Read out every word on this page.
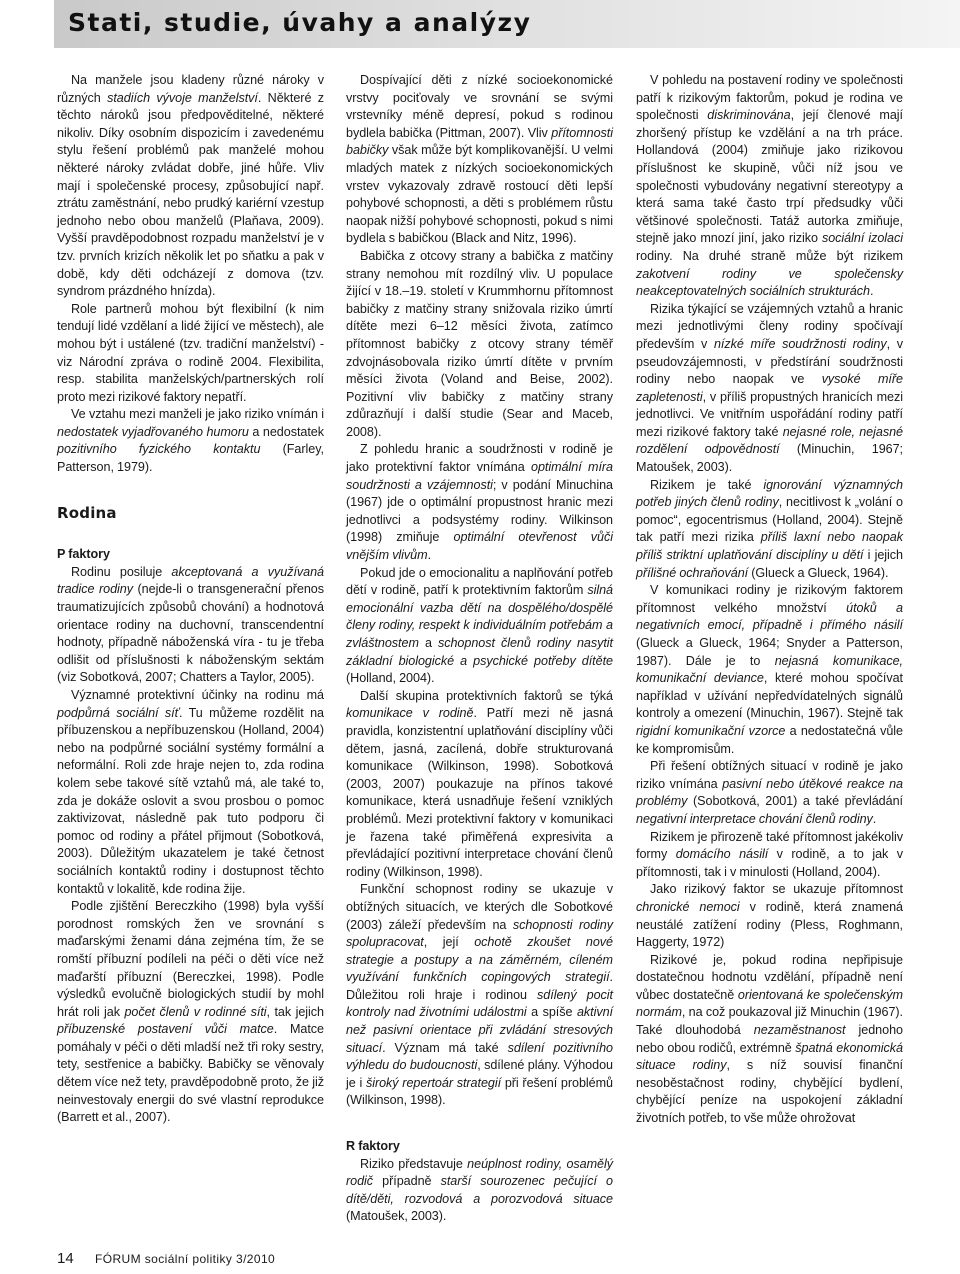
Stati, studie, úvahy a analýzy

Na manžele jsou kladeny různé nároky v různých stadiích vývoje manželství. Některé z těchto nároků jsou předpověditelné, některé nikoliv. Díky osobním dispozicím i zavedenému stylu řešení problémů pak manželé mohou některé nároky zvládat dobře, jiné hůře. Vliv mají i společenské procesy, způsobující např. ztrátu zaměstnání, nebo prudký kariérní vzestup jednoho nebo obou manželů (Plaňava, 2009). Vyšší pravděpodobnost rozpadu manželství je v tzv. prvních krizích několik let po sňatku a pak v době, kdy děti odcházejí z domova (tzv. syndrom prázdného hnízda).

Role partnerů mohou být flexibilní (k nim tendují lidé vzdělaní a lidé žijící ve městech), ale mohou být i ustálené (tzv. tradiční manželství) - viz Národní zpráva o rodině 2004. Flexibilita, resp. stabilita manželských/partnerských rolí proto mezi rizikové faktory nepatří.

Ve vztahu mezi manželi je jako riziko vnímán i nedostatek vyjadřovaného humoru a nedostatek pozitivního fyzického kontaktu (Farley, Patterson, 1979).

Rodina
P faktory

Rodinu posiluje akceptovaná a využívaná tradice rodiny (nejde-li o transgenerační přenos traumatizujících způsobů chování) a hodnotová orientace rodiny na duchovní, transcendentní hodnoty, případně náboženská víra - tu je třeba odlišit od příslušnosti k náboženským sektám (viz Sobotková, 2007; Chatters a Taylor, 2005).

Významné protektivní účinky na rodinu má podpůrná sociální síť. Tu můžeme rozdělit na příbuzenskou a nepříbuzenskou (Holland, 2004) nebo na podpůrné sociální systémy formální a neformální. Roli zde hraje nejen to, zda rodina kolem sebe takové sítě vztahů má, ale také to, zda je dokáže oslovit a svou prosbou o pomoc zaktivizovat, následně pak tuto podporu či pomoc od rodiny a přátel přijmout (Sobotková, 2003). Důležitým ukazatelem je také četnost sociálních kontaktů rodiny i dostupnost těchto kontaktů v lokalitě, kde rodina žije.

Podle zjištění Bereczkiho (1998) byla vyšší porodnost romských žen ve srovnání s maďarskými ženami dána zejména tím, že se romští příbuzní podíleli na péči o děti více než maďarští příbuzní (Bereczkei, 1998). Podle výsledků evolučně biologických studií by mohl hrát roli jak počet členů v rodinné síti, tak jejich příbuzenské postavení vůči matce. Matce pomáhaly v péči o děti mladší než tři roky sestry, tety, sestřenice a babičky. Babičky se věnovaly dětem více než tety, pravděpodobně proto, že již neinvestovaly energii do své vlastní reprodukce (Barrett et al., 2007).

Dospívající děti z nízké socioekonomické vrstvy pociťovaly ve srovnání se svými vrstevníky méně depresí, pokud s rodinou bydlela babička (Pittman, 2007). Vliv přítomnosti babičky však může být komplikovanější. U velmi mladých matek z nízkých socioekonomických vrstev vykazovaly zdravě rostoucí děti lepší pohybové schopnosti, a děti s problémem růstu naopak nižší pohybové schopnosti, pokud s nimi bydlela s babičkou (Black and Nitz, 1996).

Babička z otcovy strany a babička z matčiny strany nemohou mít rozdílný vliv. U populace žijící v 18.–19. století v Krummhornu přítomnost babičky z matčiny strany snižovala riziko úmrtí dítěte mezi 6–12 měsíci života, zatímco přítomnost babičky z otcovy strany téměř zdvojnásobovala riziko úmrtí dítěte v prvním měsíci života (Voland and Beise, 2002). Pozitivní vliv babičky z matčiny strany zdůrazňují i další studie (Sear and Maceb, 2008).

Z pohledu hranic a soudržnosti v rodině je jako protektivní faktor vnímána optimální míra soudržnosti a vzájemnosti; v podání Minuchina (1967) jde o optimální propustnost hranic mezi jednotlivci a podsystémy rodiny. Wilkinson (1998) zmiňuje optimální otevřenost vůči vnějším vlivům.

Pokud jde o emocionalitu a naplňování potřeb dětí v rodině, patří k protektivním faktorům silná emocionální vazba dětí na dospělého/dospělé členy rodiny, respekt k individuálním potřebám a zvláštnostem a schopnost členů rodiny nasytit základní biologické a psychické potřeby dítěte (Holland, 2004).

Další skupina protektivních faktorů se týká komunikace v rodině. Patří mezi ně jasná pravidla, konzistentní uplatňování disciplíny vůči dětem, jasná, zacílená, dobře strukturovaná komunikace (Wilkinson, 1998). Sobotková (2003, 2007) poukazuje na přínos takové komunikace, která usnadňuje řešení vzniklých problémů. Mezi protektivní faktory v komunikaci je řazena také přiměřená expresivita a převládající pozitivní interpretace chování členů rodiny (Wilkinson, 1998).

Funkční schopnost rodiny se ukazuje v obtížných situacích, ve kterých dle Sobotkové (2003) záleží především na schopnosti rodiny spolupracovat, její ochotě zkoušet nové strategie a postupy a na záměrném, cíleném využívání funkčních copingových strategií. Důležitou roli hraje i rodinou sdílený pocit kontroly nad životními událostmi a spíše aktivní než pasivní orientace při zvládání stresových situací. Význam má také sdílení pozitivního výhledu do budoucnosti, sdílené plány. Výhodou je i široký repertoár strategií při řešení problémů (Wilkinson, 1998).

R faktory

Riziko představuje neúplnost rodiny, osamělý rodič případně starší sourozenec pečující o dítě/děti, rozvodová a porozvodová situace (Matoušek, 2003).

V pohledu na postavení rodiny ve společnosti patří k rizikovým faktorům, pokud je rodina ve společnosti diskriminována, její členové mají zhoršený přístup ke vzdělání a na trh práce. Hollandová (2004) zmiňuje jako rizikovou příslušnost ke skupině, vůči níž jsou ve společnosti vybudovány negativní stereotypy a která sama také často trpí předsudky vůči většinové společnosti. Tatáž autorka zmiňuje, stejně jako mnozí jiní, jako riziko sociální izolaci rodiny. Na druhé straně může být rizikem zakotvení rodiny ve společensky neakceptovatelných sociálních strukturách.

Rizika týkající se vzájemných vztahů a hranic mezi jednotlivými členy rodiny spočívají především v nízké míře soudržnosti rodiny, v pseudovzájemnosti, v předstírání soudržnosti rodiny nebo naopak ve vysoké míře zapletenosti, v příliš propustných hranicích mezi jednotlivci. Ve vnitřním uspořádání rodiny patří mezi rizikové faktory také nejasné role, nejasné rozdělení odpovědností (Minuchin, 1967; Matoušek, 2003).

Rizikem je také ignorování významných potřeb jiných členů rodiny, necitlivost k „volání o pomoc“, egocentrismus (Holland, 2004). Stejně tak patří mezi rizika příliš laxní nebo naopak příliš striktní uplatňování disciplíny u dětí i jejich přílišné ochraňování (Glueck a Glueck, 1964).

V komunikaci rodiny je rizikovým faktorem přítomnost velkého množství útoků a negativních emocí, případně i přímého násilí (Glueck a Glueck, 1964; Snyder a Patterson, 1987). Dále je to nejasná komunikace, komunikační deviance, které mohou spočívat například v užívání nepředvídatelných signálů kontroly a omezení (Minuchin, 1967). Stejně tak rigidní komunikační vzorce a nedostatečná vůle ke kompromisům.

Při řešení obtížných situací v rodině je jako riziko vnímána pasivní nebo útěkové reakce na problémy (Sobotková, 2001) a také převládání negativní interpretace chování členů rodiny.

Rizikem je přirozeně také přítomnost jakékoliv formy domácího násilí v rodině, a to jak v přítomnosti, tak i v minulosti (Holland, 2004).

Jako rizikový faktor se ukazuje přítomnost chronické nemoci v rodině, která znamená neustálé zatížení rodiny (Pless, Roghmann, Haggerty, 1972)

Rizikové je, pokud rodina nepřipisuje dostatečnou hodnotu vzdělání, případně není vůbec dostatečně orientovaná ke společenským normám, na což poukazoval již Minuchin (1967). Také dlouhodobá nezaměstnanost jednoho nebo obou rodičů, extrémně špatná ekonomická situace rodiny, s níž souvisí finanční nesoběstačnost rodiny, chybějící bydlení, chybějící peníze na uspokojení základní životních potřeb, to vše může ohrožovat

14 FÓRUM sociální politiky 3/2010
